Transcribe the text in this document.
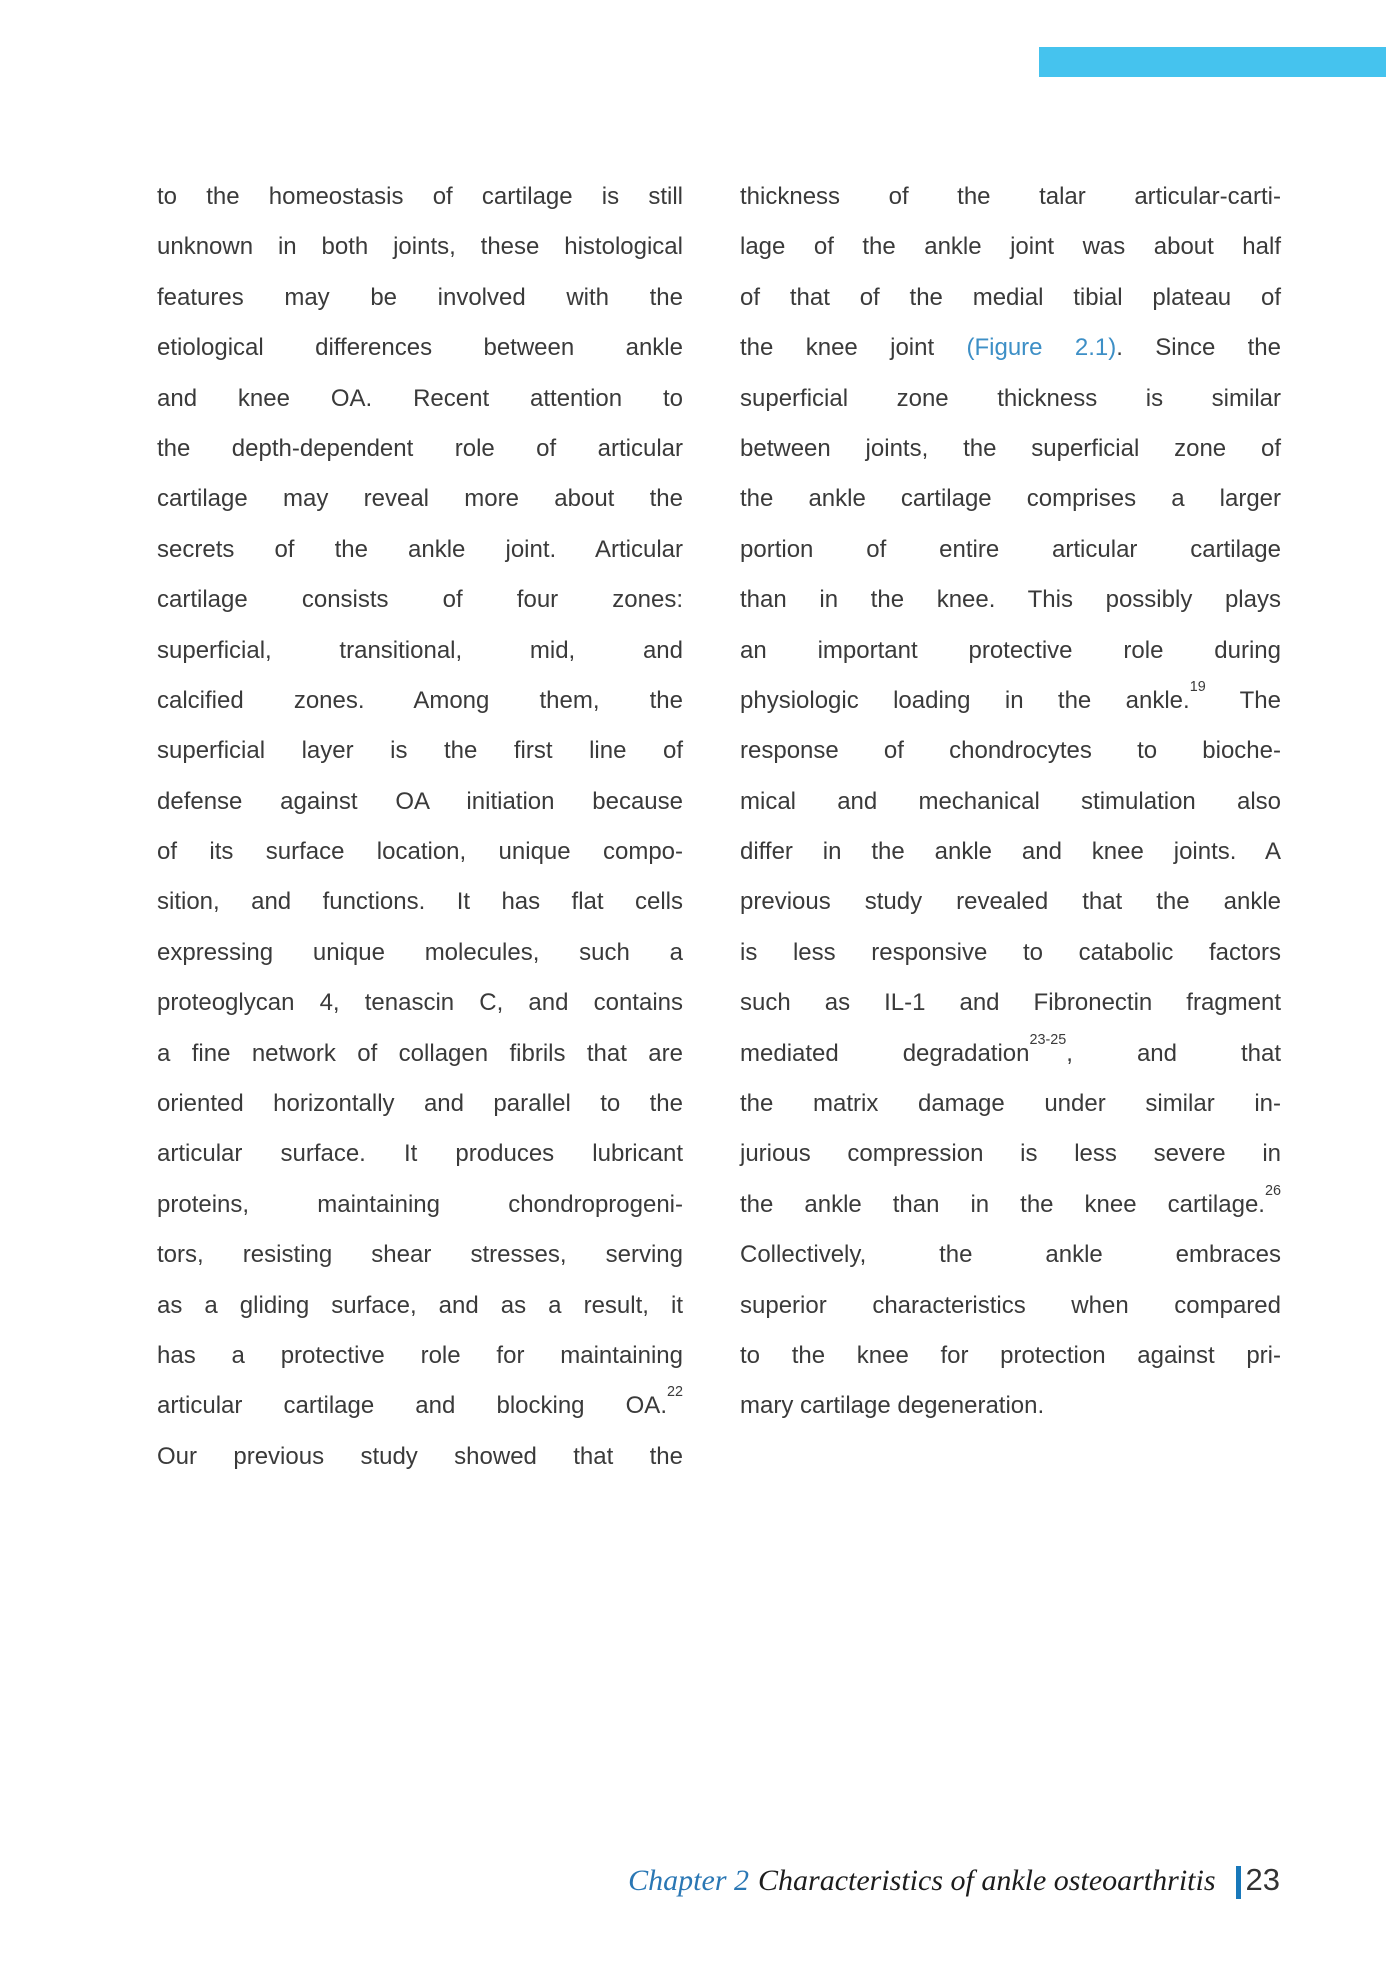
to the homeostasis of cartilage is still
unknown in both joints, these histological
features may be involved with the
etiological differences between ankle
and knee OA. Recent attention to
the depth-dependent role of articular
cartilage may reveal more about the
secrets of the ankle joint. Articular
cartilage consists of four zones:
superficial, transitional, mid, and
calcified zones. Among them, the
superficial layer is the first line of
defense against OA initiation because
of its surface location, unique compo-
sition, and functions. It has flat cells
expressing unique molecules, such a
proteoglycan 4, tenascin C, and contains
a fine network of collagen fibrils that are
oriented horizontally and parallel to the
articular surface. It produces lubricant
proteins, maintaining chondroprogeni-
tors, resisting shear stresses, serving
as a gliding surface, and as a result, it
has a protective role for maintaining
articular cartilage and blocking OA.$^{22}$
Our previous study showed that the
thickness of the talar articular-carti-
lage of the ankle joint was about half
of that of the medial tibial plateau of
the knee joint (Figure 2.1). Since the
superficial zone thickness is similar
between joints, the superficial zone of
the ankle cartilage comprises a larger
portion of entire articular cartilage
than in the knee. This possibly plays
an important protective role during
physiologic loading in the ankle.$^{19}$ The
response of chondrocytes to bioche-
mical and mechanical stimulation also
differ in the ankle and knee joints. A
previous study revealed that the ankle
is less responsive to catabolic factors
such as IL-1 and Fibronectin fragment
mediated degradation$^{23-25}$, and that
the matrix damage under similar in-
jurious compression is less severe in
the ankle than in the knee cartilage.$^{26}$
Collectively, the ankle embraces
superior characteristics when compared
to the knee for protection against pri-
mary cartilage degeneration.
Chapter 2 Characteristics of ankle osteoarthritis 23
